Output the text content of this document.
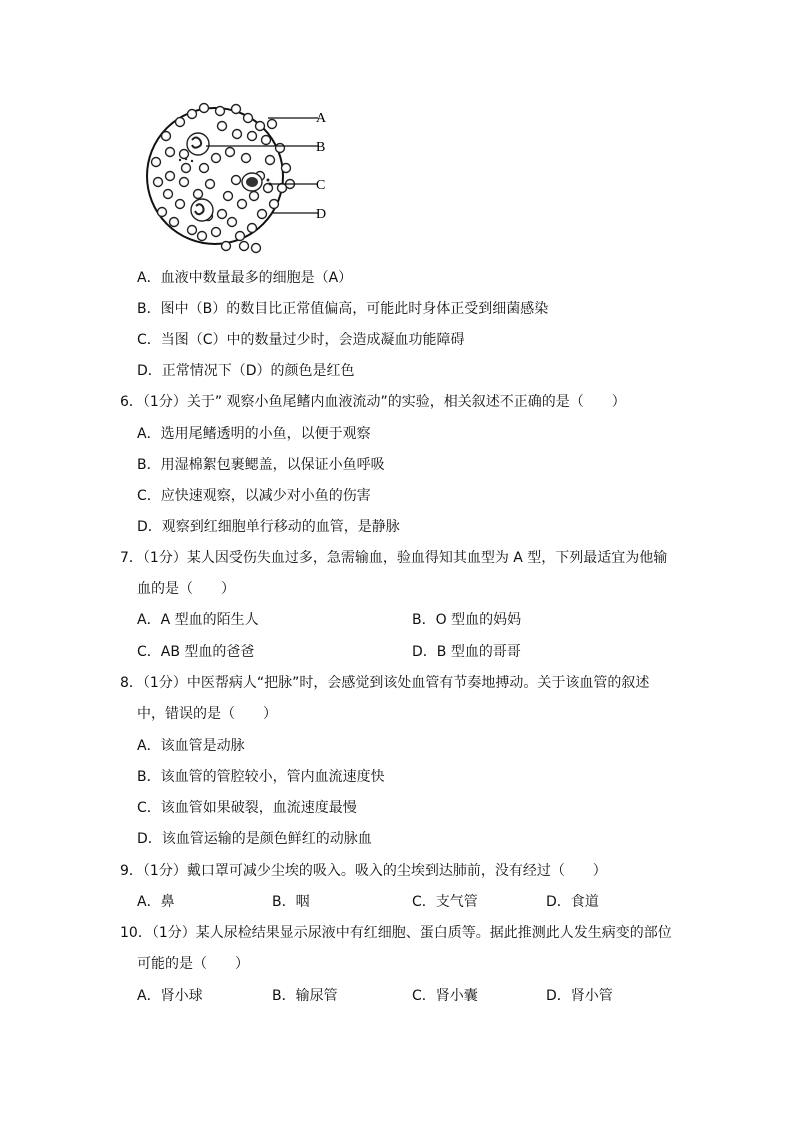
A
B
C
D
A．血液中数量最多的细胞是（A）
B．图中（B）的数目比正常值偏高，可能此时身体正受到细菌感染
C．当图（C）中的数量过少时，会造成凝血功能障碍
D．正常情况下（D）的颜色是红色
6．（1分）关于” 观察小鱼尾鳍内血液流动”的实验，相关叙述不正确的是（　　）
A．选用尾鳍透明的小鱼，以便于观察
B．用湿棉絮包裹鳃盖，以保证小鱼呼吸
C．应快速观察，以减少对小鱼的伤害
D．观察到红细胞单行移动的血管，是静脉
7．（1分）某人因受伤失血过多，急需输血，验血得知其血型为 A 型，下列最适宜为他输
血的是（　　）
A．A 型血的陌生人	B．O 型血的妈妈
C．AB 型血的爸爸	D．B 型血的哥哥
8．（1分）中医帮病人“把脉”时，会感觉到该处血管有节奏地搏动。关于该血管的叙述
中，错误的是（　　）
A．该血管是动脉
B．该血管的管腔较小，管内血流速度快
C．该血管如果破裂，血流速度最慢
D．该血管运输的是颜色鲜红的动脉血
9．（1分）戴口罩可减少尘埃的吸入。吸入的尘埃到达肺前，没有经过（　　）
A．鼻	B．咽	C．支气管	D．食道
10．（1分）某人尿检结果显示尿液中有红细胞、蛋白质等。据此推测此人发生病变的部位
可能的是（　　）
A．肾小球	B．输尿管	C．肾小囊	D．肾小管
